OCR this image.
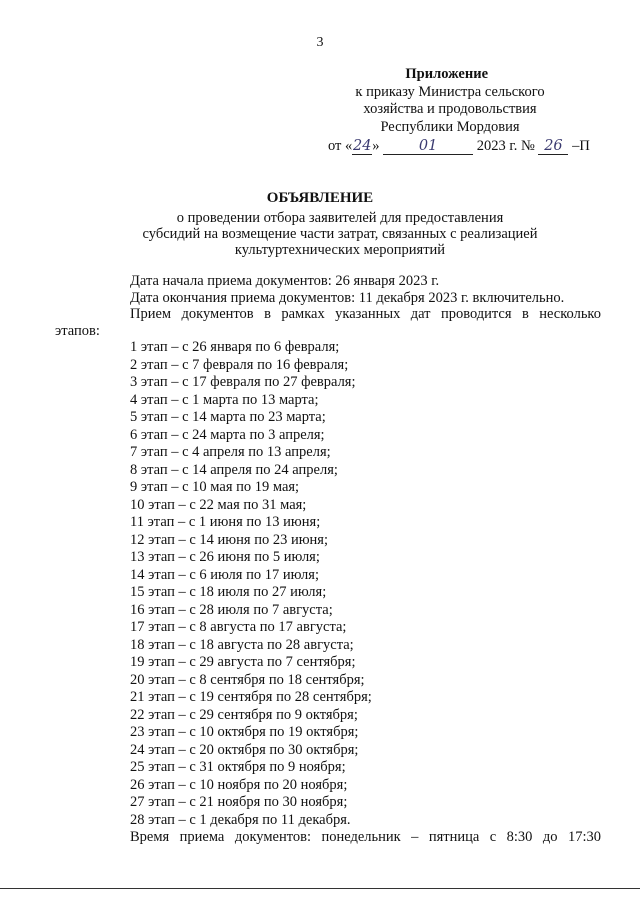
3
Приложение
к приказу Министра сельского
хозяйства и продовольствия
Республики Мордовия
от «24»	01	2023 г. № 26 –П
ОБЪЯВЛЕНИЕ
о проведении отбора заявителей для предоставления
субсидий на возмещение части затрат, связанных с реализацией
культуртехнических мероприятий
Дата начала приема документов: 26 января 2023 г.
Дата окончания приема документов: 11 декабря 2023 г. включительно.
Прием документов в рамках указанных дат проводится в несколько
этапов:
1 этап – с 26 января по 6 февраля;
2 этап – с 7 февраля по 16 февраля;
3 этап – с 17 февраля по 27 февраля;
4 этап – с 1 марта по 13 марта;
5 этап – с 14 марта по 23 марта;
6 этап – с 24 марта по 3 апреля;
7 этап – с 4 апреля по 13 апреля;
8 этап – с 14 апреля по 24 апреля;
9 этап – с 10 мая по 19 мая;
10 этап – с 22 мая по 31 мая;
11 этап – с 1 июня по 13 июня;
12 этап – с 14 июня по 23 июня;
13 этап – с 26 июня по 5 июля;
14 этап – с 6 июля по 17 июля;
15 этап – с 18 июля по 27 июля;
16 этап – с 28 июля по 7 августа;
17 этап – с 8 августа по 17 августа;
18 этап – с 18 августа по 28 августа;
19 этап – с 29 августа по 7 сентября;
20 этап – с 8 сентября по 18 сентября;
21 этап – с 19 сентября по 28 сентября;
22 этап – с 29 сентября по 9 октября;
23 этап – с 10 октября по 19 октября;
24 этап – с 20 октября по 30 октября;
25 этап – с 31 октября по 9 ноября;
26 этап – с 10 ноября по 20 ноября;
27 этап – с 21 ноября по 30 ноября;
28 этап – с 1 декабря по 11 декабря.
Время приема документов: понедельник – пятница с 8:30 до 17:30
